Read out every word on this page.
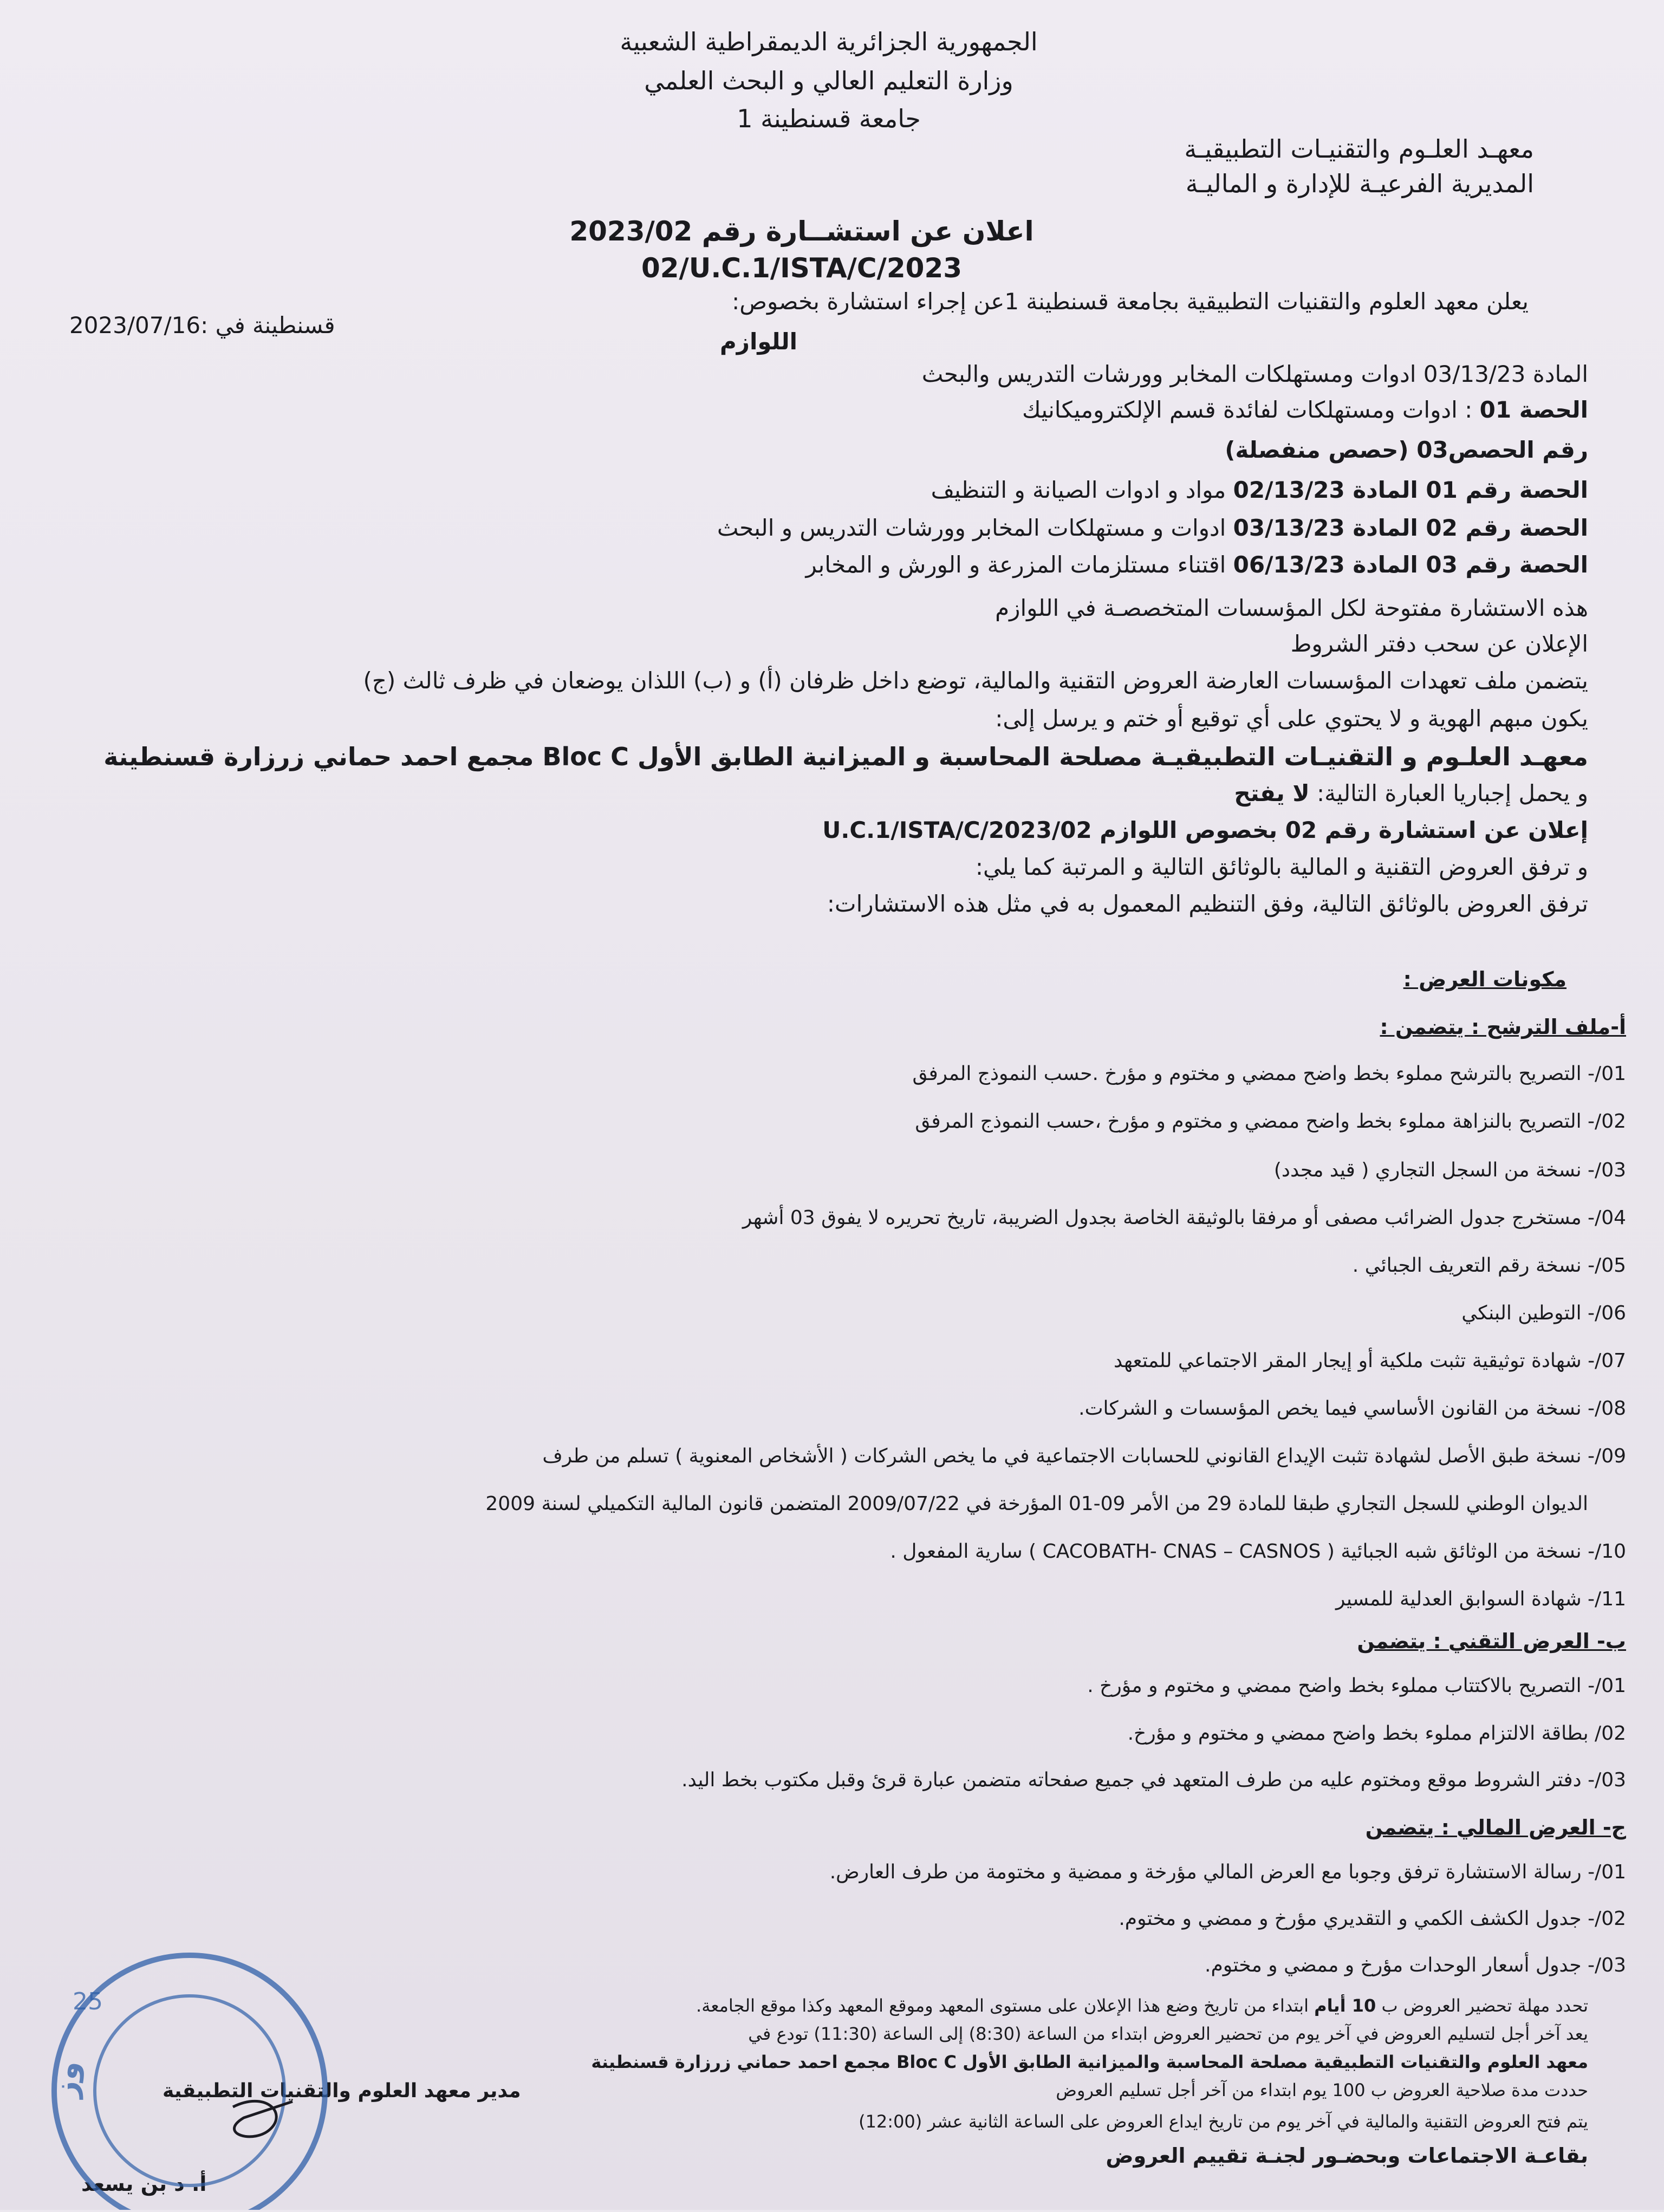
الجمهورية الجزائرية الديمقراطية الشعبية
وزارة التعليم العالي و البحث العلمي
جامعة قسنطينة 1
معهـد العلـوم والتقنيـات التطبيقيـة
المديرية الفرعيـة للإدارة و الماليـة
اعلان عن استشــارة رقم 2023/02
02/U.C.1/ISTA/C/2023
قسنطينة في :2023/07/16
يعلن معهد العلوم والتقنيات التطبيقية بجامعة قسنطينة 1عن إجراء استشارة بخصوص:
اللوازم
المادة 03/13/23 ادوات ومستهلكات المخابر وورشات التدريس والبحث
الحصة 01 : ادوات ومستهلكات لفائدة قسم الإلكتروميكانيك
رقم الحصص03 (حصص منفصلة)
الحصة رقم 01 المادة 02/13/23 مواد و ادوات الصيانة و التنظيف
الحصة رقم 02 المادة 03/13/23 ادوات و مستهلكات المخابر وورشات التدريس و البحث
الحصة رقم 03 المادة 06/13/23 اقتناء مستلزمات المزرعة و الورش و المخابر
هذه الاستشارة مفتوحة لكل المؤسسات المتخصصـة في اللوازم
الإعلان عن سحب دفتر الشروط
يتضمن ملف تعهدات المؤسسات العارضة العروض التقنية والمالية، توضع داخل ظرفان (أ) و (ب) اللذان يوضعان في ظرف ثالث (ج)
يكون مبهم الهوية و لا يحتوي على أي توقيع أو ختم و يرسل إلى:
معهـد العلـوم و التقنيـات التطبيقيـة مصلحة المحاسبة و الميزانية الطابق الأول Bloc C مجمع احمد حماني زرزارة قسنطينة
و يحمل إجباريا العبارة التالية: لا يفتح
إعلان عن استشارة رقم 02 بخصوص اللوازم 02/U.C.1/ISTA/C/2023
و ترفق العروض التقنية و المالية بالوثائق التالية و المرتبة كما يلي:
ترفق العروض بالوثائق التالية، وفق التنظيم المعمول به في مثل هذه الاستشارات:
مكونات العرض :
أ-ملف الترشح : يتضمن :
01/- التصريح بالترشح مملوء بخط واضح ممضي و مختوم و مؤرخ .حسب النموذج المرفق
02/- التصريح بالنزاهة مملوء بخط واضح ممضي و مختوم و مؤرخ ،حسب النموذج المرفق
03/- نسخة من السجل التجاري ( قيد مجدد)
04/- مستخرج جدول الضرائب مصفى أو مرفقا بالوثيقة الخاصة بجدول الضريبة، تاريخ تحريره لا يفوق 03 أشهر
05/- نسخة رقم التعريف الجبائي .
06/- التوطين البنكي
07/- شهادة توثيقية تثبت ملكية أو إيجار المقر الاجتماعي للمتعهد
08/- نسخة من القانون الأساسي فيما يخص المؤسسات و الشركات.
09/- نسخة طبق الأصل لشهادة تثبت الإيداع القانوني للحسابات الاجتماعية في ما يخص الشركات ( الأشخاص المعنوية ) تسلم من طرف
الديوان الوطني للسجل التجاري طبقا للمادة 29 من الأمر 09-01 المؤرخة في 2009/07/22 المتضمن قانون المالية التكميلي لسنة 2009
10/- نسخة من الوثائق شبه الجبائية ( CACOBATH- CNAS – CASNOS ) سارية المفعول .
11/- شهادة السوابق العدلية للمسير
ب- العرض التقني : يتضمن
01/- التصريح بالاكتتاب مملوء بخط واضح ممضي و مختوم و مؤرخ .
02/ بطاقة الالتزام مملوء بخط واضح ممضي و مختوم و مؤرخ.
03/- دفتر الشروط موقع ومختوم عليه من طرف المتعهد في جميع صفحاته متضمن عبارة قرئ وقبل مكتوب بخط اليد.
ج- العرض المالي : يتضمن
01/- رسالة الاستشارة ترفق وجوبا مع العرض المالي مؤرخة و ممضية و مختومة من طرف العارض.
02/- جدول الكشف الكمي و التقديري مؤرخ و ممضي و مختوم.
03/- جدول أسعار الوحدات مؤرخ و ممضي و مختوم.
تحدد مهلة تحضير العروض ب 10 أيام ابتداء من تاريخ وضع هذا الإعلان على مستوى المعهد وموقع المعهد وكذا موقع الجامعة.
يعد آخر أجل لتسليم العروض في آخر يوم من تحضير العروض ابتداء من الساعة (8:30) إلى الساعة (11:30) تودع في
معهد العلوم والتقنيات التطبيقية مصلحة المحاسبة والميزانية الطابق الأول Bloc C مجمع احمد حماني زرزارة قسنطينة
حددت مدة صلاحية العروض ب 100 يوم ابتداء من آخر أجل تسليم العروض
يتم فتح العروض التقنية والمالية في آخر يوم من تاريخ ايداع العروض على الساعة الثانية عشر (12:00)
بقاعـة الاجتماعات وبحضـور لجنـة تقييم العروض
مدير معهد العلوم والتقنيات التطبيقية
أ. د بن يسعد
وز
25
